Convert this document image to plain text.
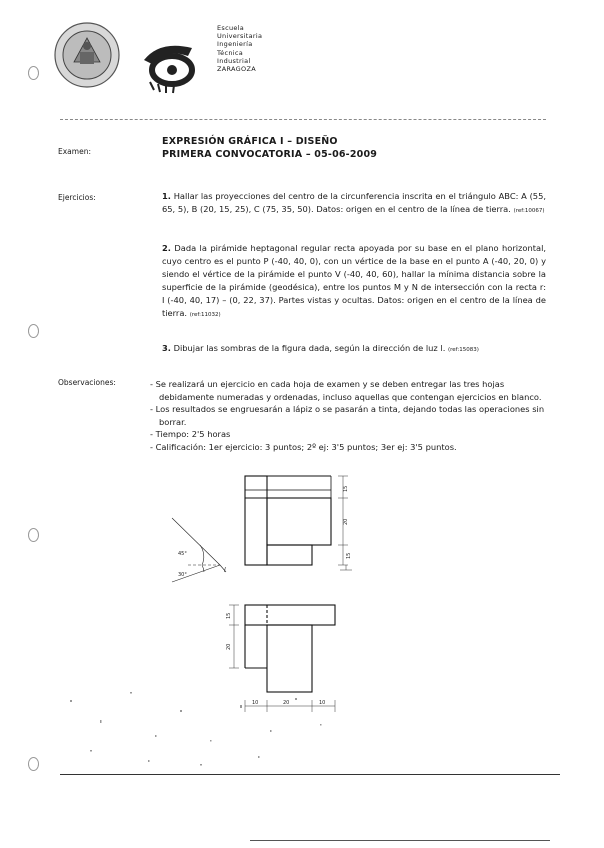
Escuela
Universitaria
Ingeniería
Técnica
Industrial
ZARAGOZA
Examen:
EXPRESIÓN GRÁFICA I – DISEÑO
PRIMERA CONVOCATORIA – 05-06-2009
Ejercicios:	1. Hallar las proyecciones del centro de la circunferencia inscrita en el triángulo ABC: A (55, 65, 5), B (20, 15, 25), C (75, 35, 50). Datos: origen en el centro de la línea de tierra. (ref:10067)
2. Dada la pirámide heptagonal regular recta apoyada por su base en el plano horizontal, cuyo centro es el punto P (-40, 40, 0), con un vértice de la base en el punto A (-40, 20, 0) y siendo el vértice de la pirámide el punto V (-40, 40, 60), hallar la mínima distancia sobre la superficie de la pirámide (geodésica), entre los puntos M y N de intersección con la recta r: I (-40, 40, 17) – (0, 22, 37). Partes vistas y ocultas. Datos: origen en el centro de la línea de tierra. (ref:11032)
3. Dibujar las sombras de la figura dada, según la dirección de luz l. (ref:15083)
Observaciones:	- Se realizará un ejercicio en cada hoja de examen y se deben entregar las tres hojas debidamente numeradas y ordenadas, incluso aquellas que contengan ejercicios en blanco.
- Los resultados se engruesarán a lápiz o se pasarán a tinta, dejando todas las operaciones sin borrar.
- Tiempo: 2'5 horas
- Calificación: 1er ejercicio: 3 puntos; 2º ej: 3'5 puntos; 3er ej: 3'5 puntos.
15
20
15
45°
30°
l
15
20
10	20	10
